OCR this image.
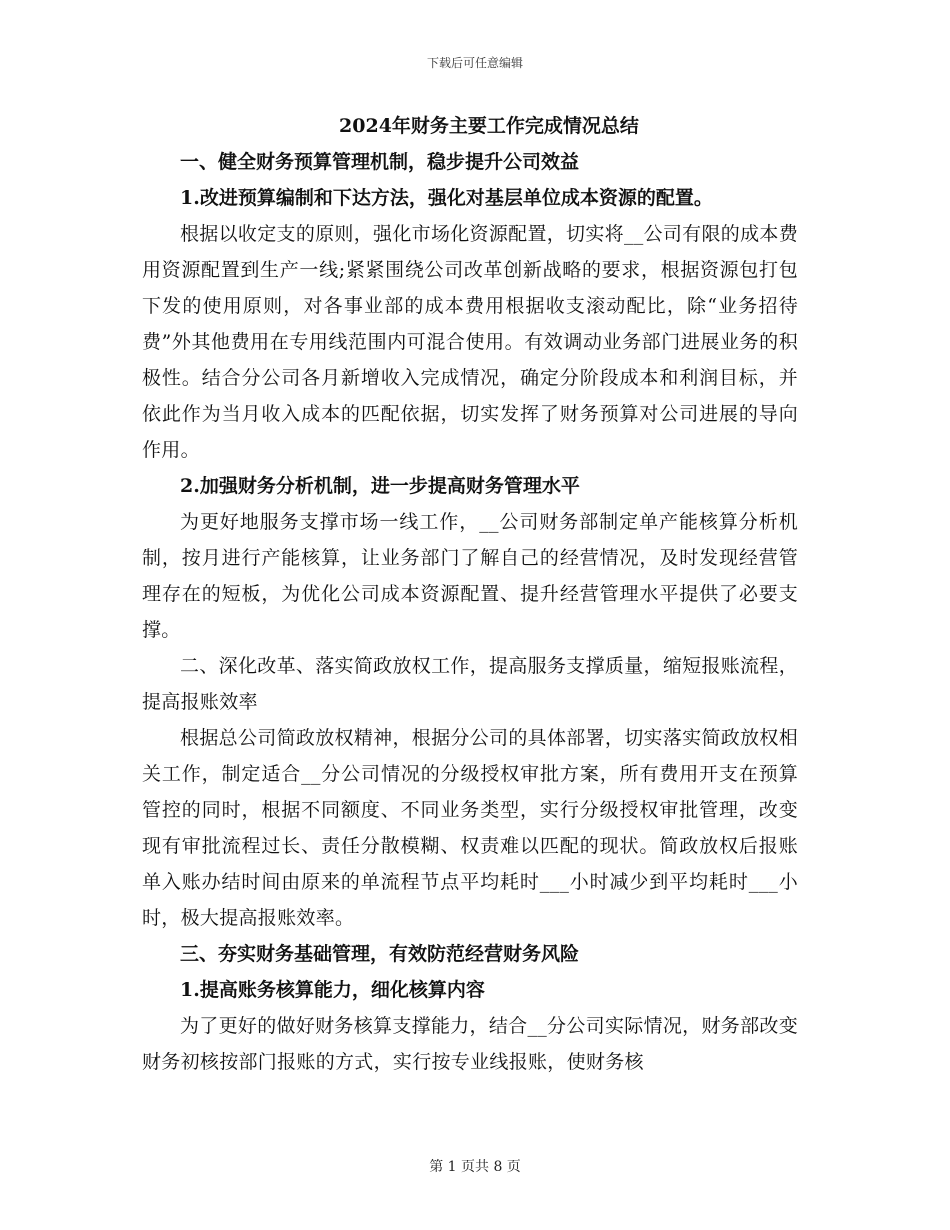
下载后可任意编辑

2024年财务主要工作完成情况总结

一、健全财务预算管理机制，稳步提升公司效益

1.改进预算编制和下达方法，强化对基层单位成本资源的配置。

根据以收定支的原则，强化市场化资源配置，切实将__公司有限的成本费用资源配置到生产一线;紧紧围绕公司改革创新战略的要求，根据资源包打包下发的使用原则，对各事业部的成本费用根据收支滚动配比，除“业务招待费”外其他费用在专用线范围内可混合使用。有效调动业务部门进展业务的积极性。结合分公司各月新增收入完成情况，确定分阶段成本和利润目标，并依此作为当月收入成本的匹配依据，切实发挥了财务预算对公司进展的导向作用。

2.加强财务分析机制，进一步提高财务管理水平

为更好地服务支撑市场一线工作，__公司财务部制定单产能核算分析机制，按月进行产能核算，让业务部门了解自己的经营情况，及时发现经营管理存在的短板，为优化公司成本资源配置、提升经营管理水平提供了必要支撑。

二、深化改革、落实简政放权工作，提高服务支撑质量，缩短报账流程，提高报账效率

根据总公司简政放权精神，根据分公司的具体部署，切实落实简政放权相关工作，制定适合__分公司情况的分级授权审批方案，所有费用开支在预算管控的同时，根据不同额度、不同业务类型，实行分级授权审批管理，改变现有审批流程过长、责任分散模糊、权责难以匹配的现状。简政放权后报账单入账办结时间由原来的单流程节点平均耗时___小时减少到平均耗时___小时，极大提高报账效率。

三、夯实财务基础管理，有效防范经营财务风险

1.提高账务核算能力，细化核算内容

为了更好的做好财务核算支撑能力，结合__分公司实际情况，财务部改变财务初核按部门报账的方式，实行按专业线报账，使财务核

第 1 页共 8 页
